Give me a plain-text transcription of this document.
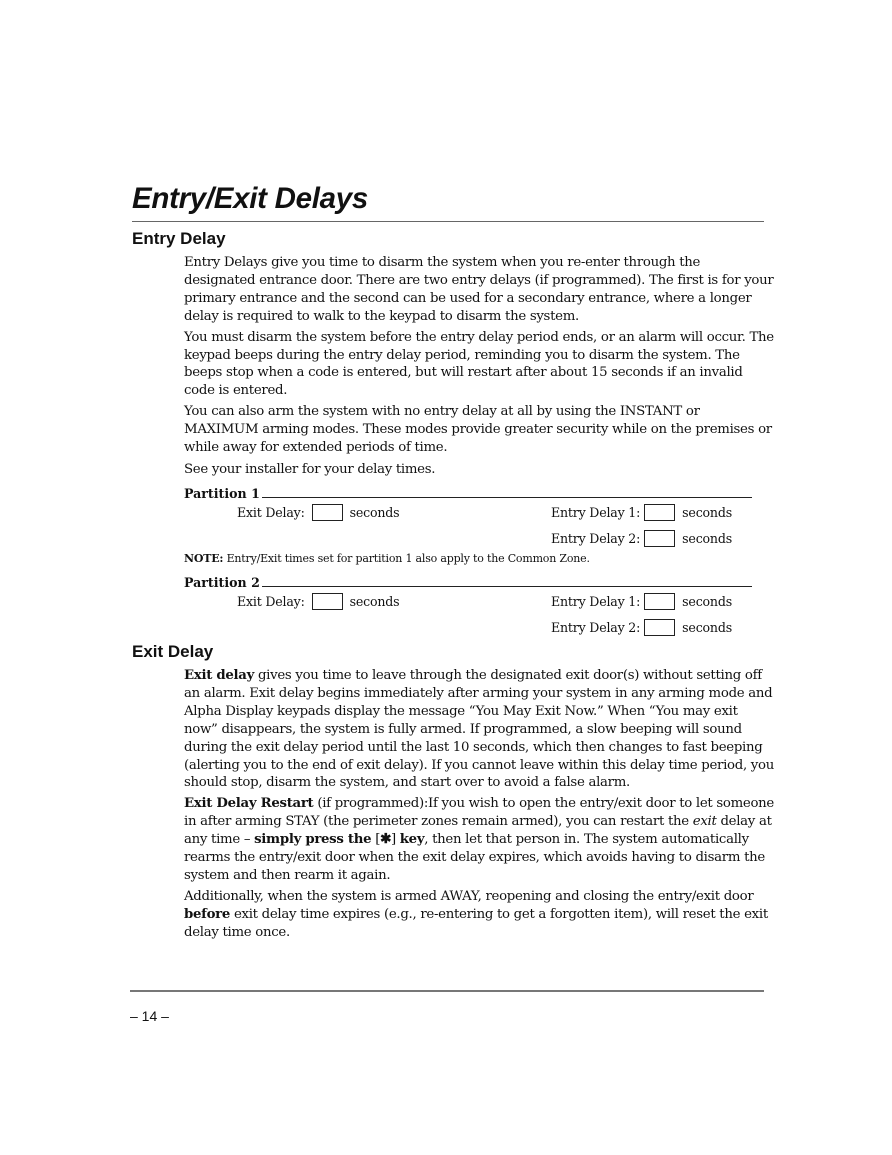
Entry/Exit Delays
Entry Delay

Entry Delays give you time to disarm the system when you re-enter through the designated entrance door. There are two entry delays (if programmed). The first is for your primary entrance and the second can be used for a secondary entrance, where a longer delay is required to walk to the keypad to disarm the system.

You must disarm the system before the entry delay period ends, or an alarm will occur. The keypad beeps during the entry delay period, reminding you to disarm the system. The beeps stop when a code is entered, but will restart after about 15 seconds if an invalid code is entered.

You can also arm the system with no entry delay at all by using the INSTANT or MAXIMUM arming modes. These modes provide greater security while on the premises or while away for extended periods of time.

See your installer for your delay times.

Partition 1
Exit Delay:	seconds	Entry Delay 1:	seconds
Entry Delay 2:	seconds
NOTE: Entry/Exit times set for partition 1 also apply to the Common Zone.
Partition 2
Exit Delay:	seconds	Entry Delay 1:	seconds
Entry Delay 2:	seconds
Exit Delay

Exit delay gives you time to leave through the designated exit door(s) without setting off an alarm. Exit delay begins immediately after arming your system in any arming mode and Alpha Display keypads display the message “You May Exit Now.” When “You may exit now” disappears, the system is fully armed. If programmed, a slow beeping will sound during the exit delay period until the last 10 seconds, which then changes to fast beeping (alerting you to the end of exit delay). If you cannot leave within this delay time period, you should stop, disarm the system, and start over to avoid a false alarm.

Exit Delay Restart (if programmed):If you wish to open the entry/exit door to let someone in after arming STAY (the perimeter zones remain armed), you can restart the exit delay at any time – simply press the [✱] key, then let that person in. The system automatically rearms the entry/exit door when the exit delay expires, which avoids having to disarm the system and then rearm it again.

Additionally, when the system is armed AWAY, reopening and closing the entry/exit door before exit delay time expires (e.g., re-entering to get a forgotten item), will reset the exit delay time once.

– 14 –
